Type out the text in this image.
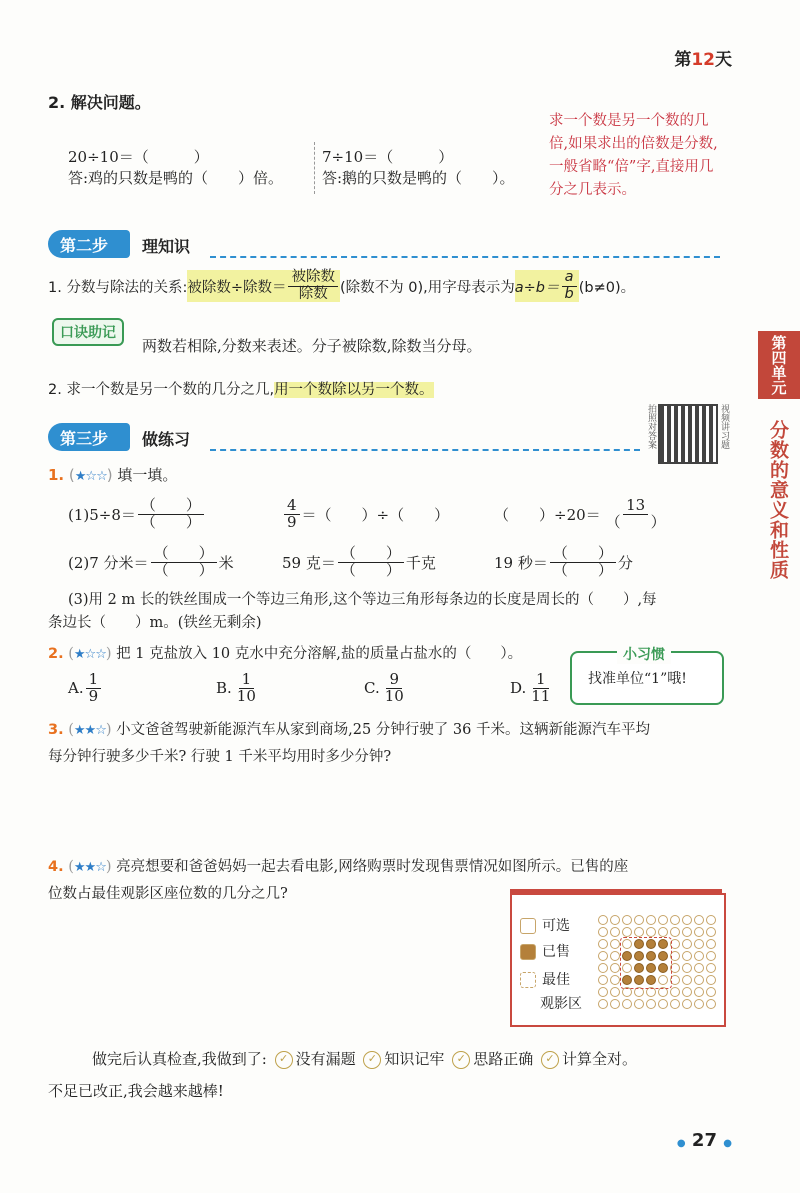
第12天
第四单元
分数的意义和性质
2. 解决问题。
20÷10＝（　　　）
答:鸡的只数是鸭的（　　）倍。
7÷10＝（　　　）
答:鹅的只数是鸭的（　　）。
求一个数是另一个数的几倍,如果求出的倍数是分数,一般省略“倍”字,直接用几分之几表示。
第二步	理知识
1. 分数与除法的关系: 被除数÷除数＝ $\frac{\text{被除数}}{\text{除数}}$ (除数不为 0),用字母表示为 $a\div b= \frac{a}{b} (b\ne 0)$。
口诀助记
两数若相除,分数来表述。分子被除数,除数当分母。
2. 求一个数是另一个数的几分之几,用一个数除以另一个数。
第三步	做练习	拍照对答案	视频讲习题
1. (★☆☆) 填一填。
$(1)5\div 8= \frac{( )}{( )}$	$\frac{4}{9}$ ＝（　　）÷（　　）	（　　）$\div 20= \frac{13}{( )}$
(2)7 分米＝ $\frac{( )}{( )}$ 米	59 克＝ $\frac{( )}{( )}$ 千克	19 秒＝ $\frac{( )}{( )}$ 分
(3)用 2 m 长的铁丝围成一个等边三角形,这个等边三角形每条边的长度是周长的（　　）,每
条边长（　　）m。(铁丝无剩余)
2. (★☆☆) 把 1 克盐放入 10 克水中充分溶解,盐的质量占盐水的（　　）。
A. $\frac{1}{9}$	B. $\frac{1}{10}$	C. $\frac{9}{10}$	D. $\frac{1}{11}$
小习惯
找准单位“1”哦!
3. (★★☆) 小文爸爸驾驶新能源汽车从家到商场,25 分钟行驶了 36 千米。这辆新能源汽车平均
每分钟行驶多少千米? 行驶 1 千米平均用时多少分钟?
4. (★★☆) 亮亮想要和爸爸妈妈一起去看电影,网络购票时发现售票情况如图所示。已售的座
位数占最佳观影区座位数的几分之几?
可选
已售
最佳
观影区
做完后认真检查,我做到了: ✓ 没有漏题 ✓ 知识记牢 ✓ 思路正确 ✓ 计算全对。
不足已改正,我会越来越棒!
● 27 ●
